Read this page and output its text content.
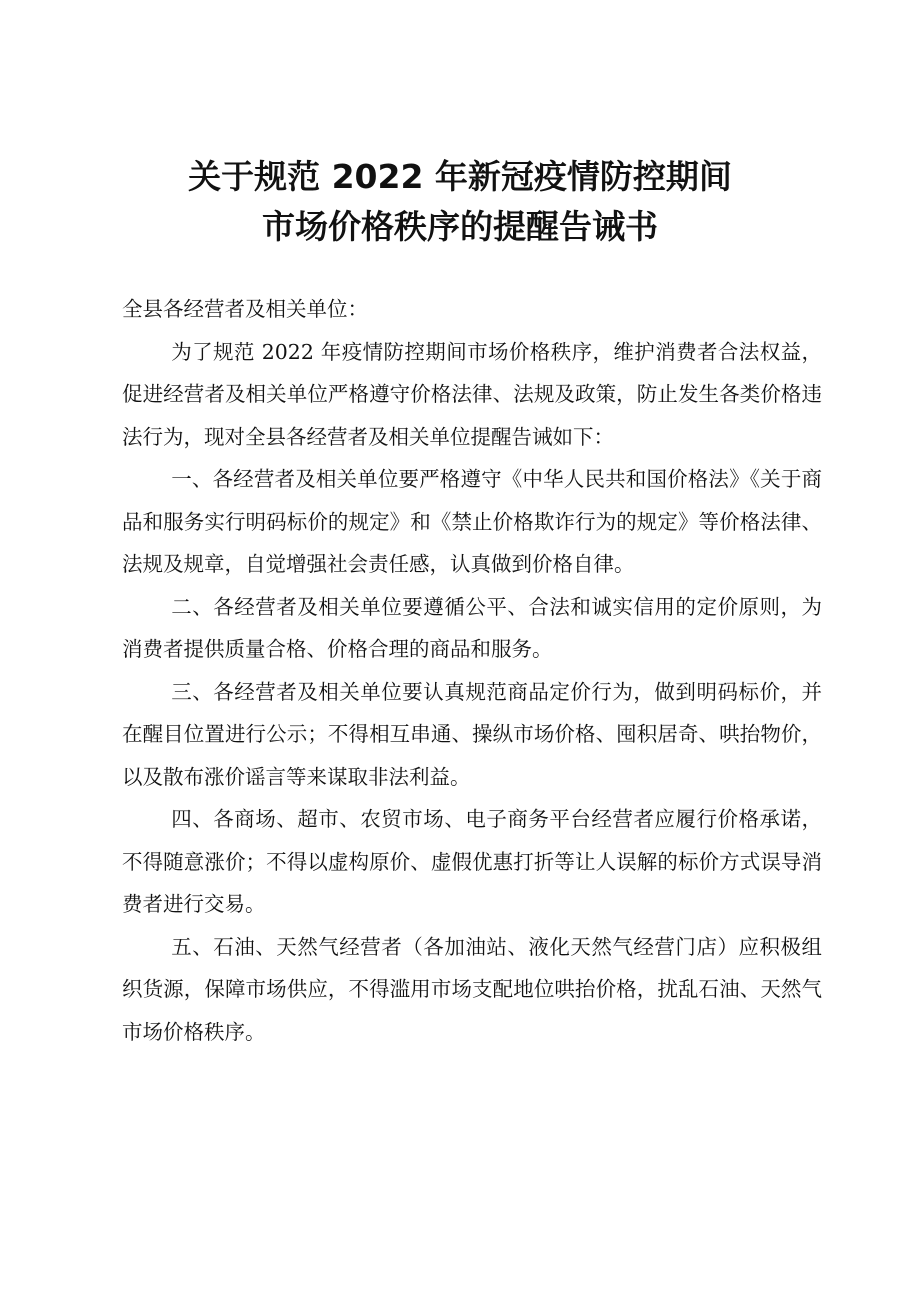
关于规范 2022 年新冠疫情防控期间
市场价格秩序的提醒告诫书

全县各经营者及相关单位：

为了规范 2022 年疫情防控期间市场价格秩序，维护消费者合法权益，促进经营者及相关单位严格遵守价格法律、法规及政策，防止发生各类价格违法行为，现对全县各经营者及相关单位提醒告诫如下：

一、各经营者及相关单位要严格遵守《中华人民共和国价格法》《关于商品和服务实行明码标价的规定》和《禁止价格欺诈行为的规定》等价格法律、法规及规章，自觉增强社会责任感，认真做到价格自律。

二、各经营者及相关单位要遵循公平、合法和诚实信用的定价原则，为消费者提供质量合格、价格合理的商品和服务。

三、各经营者及相关单位要认真规范商品定价行为，做到明码标价，并在醒目位置进行公示；不得相互串通、操纵市场价格、囤积居奇、哄抬物价，以及散布涨价谣言等来谋取非法利益。

四、各商场、超市、农贸市场、电子商务平台经营者应履行价格承诺，不得随意涨价；不得以虚构原价、虚假优惠打折等让人误解的标价方式误导消费者进行交易。

五、石油、天然气经营者（各加油站、液化天然气经营门店）应积极组织货源，保障市场供应，不得滥用市场支配地位哄抬价格，扰乱石油、天然气市场价格秩序。
